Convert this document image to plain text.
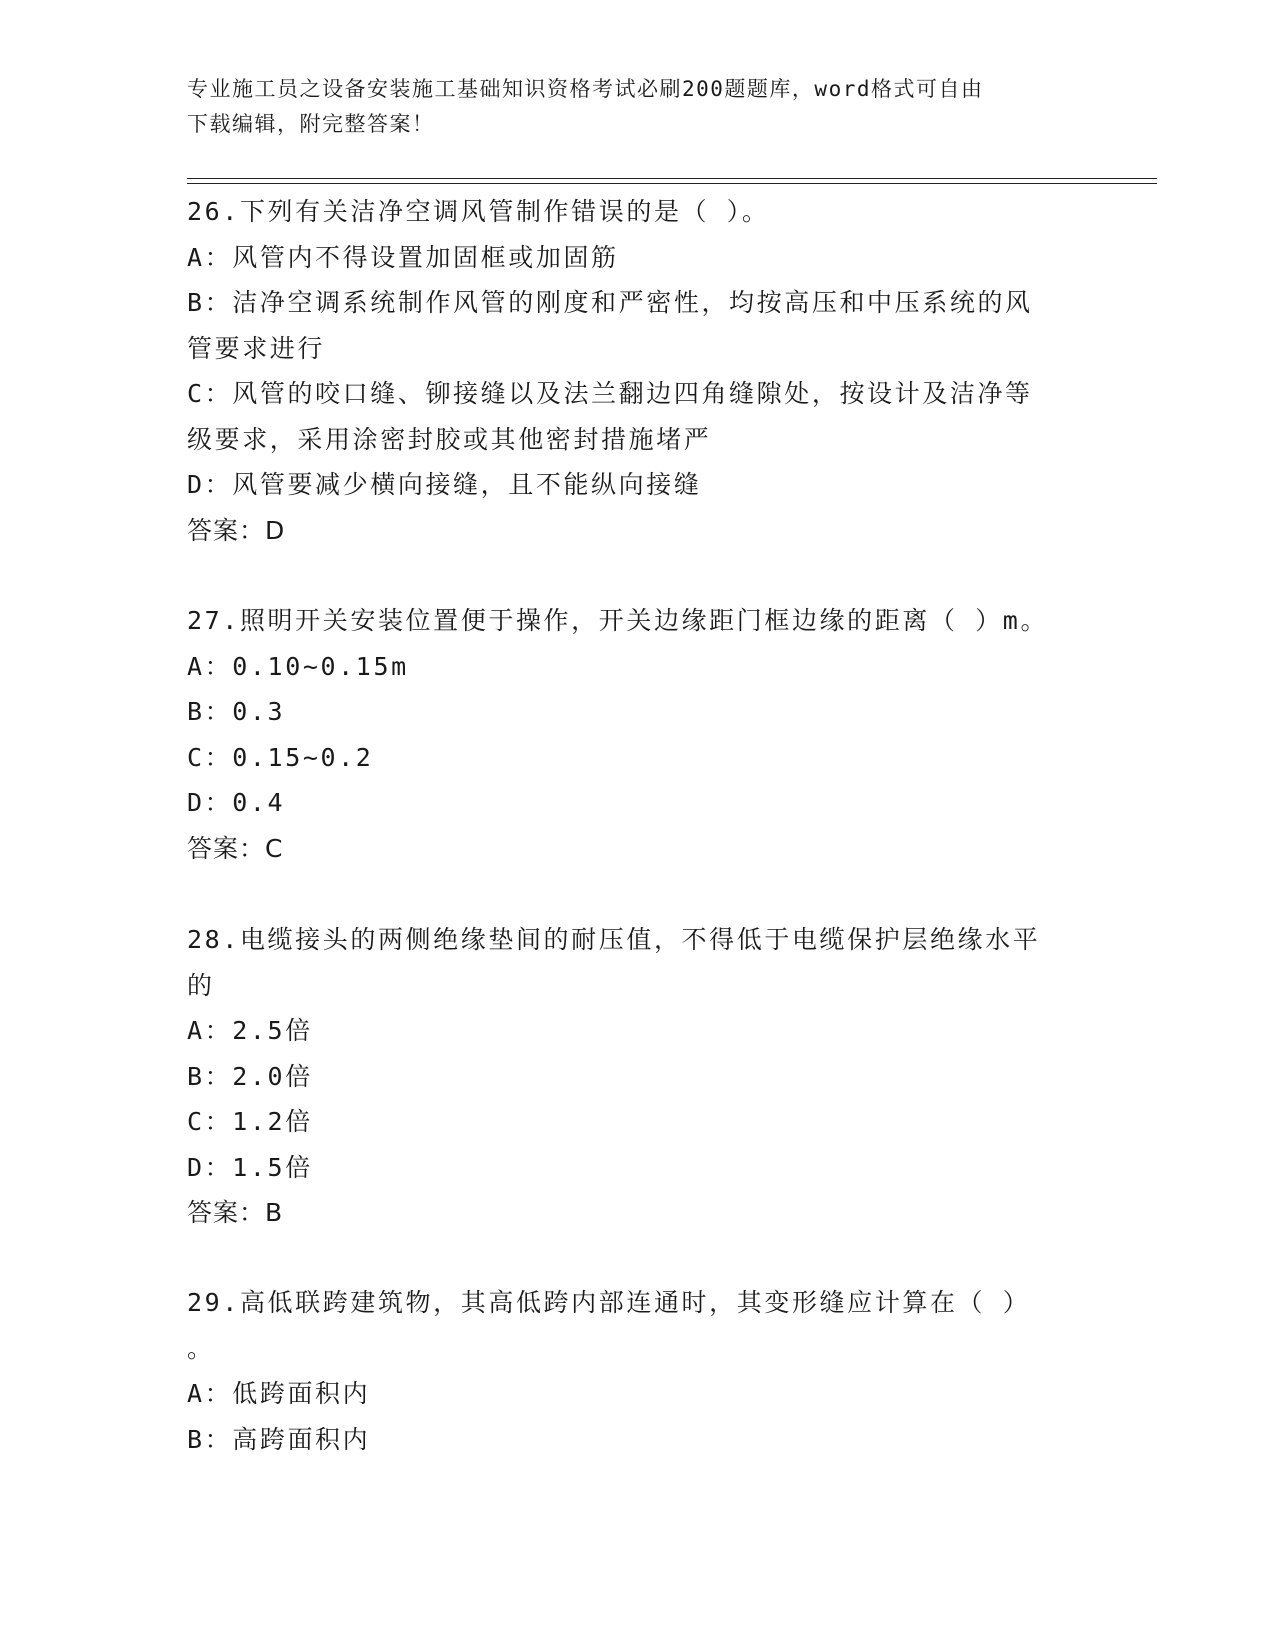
专业施工员之设备安装施工基础知识资格考试必刷200题题库，word格式可自由

下载编辑，附完整答案！

26.下列有关洁净空调风管制作错误的是（ ）。

A：风管内不得设置加固框或加固筋

B：洁净空调系统制作风管的刚度和严密性，均按高压和中压系统的风

管要求进行

C：风管的咬口缝、铆接缝以及法兰翻边四角缝隙处，按设计及洁净等

级要求，采用涂密封胶或其他密封措施堵严

D：风管要减少横向接缝，且不能纵向接缝

答案：D

27.照明开关安装位置便于操作，开关边缘距门框边缘的距离（ ）m。

A：0.10~0.15m

B：0.3

C：0.15~0.2

D：0.4

答案：C

28.电缆接头的两侧绝缘垫间的耐压值，不得低于电缆保护层绝缘水平

的

A：2.5倍

B：2.0倍

C：1.2倍

D：1.5倍

答案：B

29.高低联跨建筑物，其高低跨内部连通时，其变形缝应计算在（ ）

。

A：低跨面积内

B：高跨面积内
